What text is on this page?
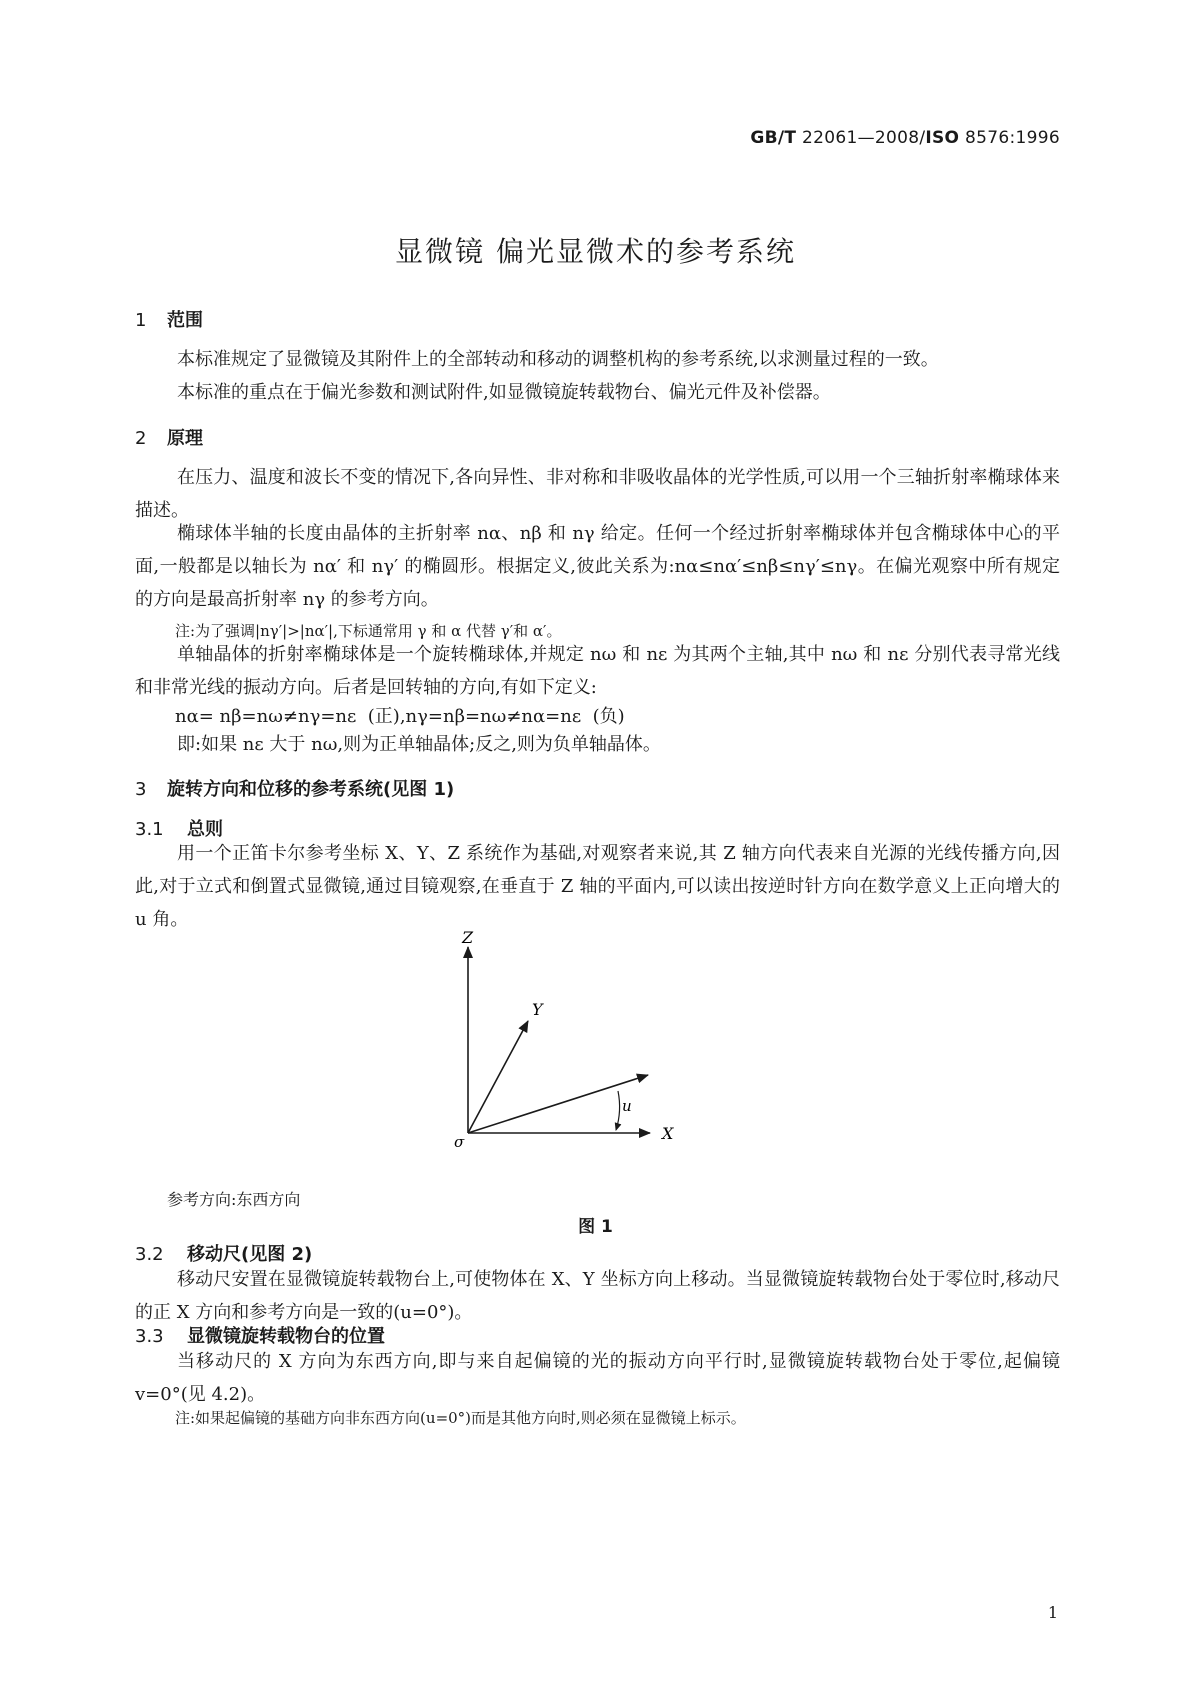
GB/T 22061—2008/ISO 8576:1996
显微镜 偏光显微术的参考系统
1 范围
本标准规定了显微镜及其附件上的全部转动和移动的调整机构的参考系统,以求测量过程的一致。
本标准的重点在于偏光参数和测试附件,如显微镜旋转载物台、偏光元件及补偿器。
2 原理
在压力、温度和波长不变的情况下,各向异性、非对称和非吸收晶体的光学性质,可以用一个三轴折射率椭球体来描述。
椭球体半轴的长度由晶体的主折射率 nα、nβ 和 nγ 给定。任何一个经过折射率椭球体并包含椭球体中心的平面,一般都是以轴长为 nα′ 和 nγ′ 的椭圆形。根据定义,彼此关系为:nα≤nα′≤nβ≤nγ′≤nγ。在偏光观察中所有规定的方向是最高折射率 nγ 的参考方向。
注:为了强调|nγ′|>|nα′|,下标通常用 γ 和 α 代替 γ′和 α′。
单轴晶体的折射率椭球体是一个旋转椭球体,并规定 nω 和 nε 为其两个主轴,其中 nω 和 nε 分别代表寻常光线和非常光线的振动方向。后者是回转轴的方向,有如下定义:
nα= nβ=nω≠nγ=nε  (正),nγ=nβ=nω≠nα=nε  (负)
即:如果 nε 大于 nω,则为正单轴晶体;反之,则为负单轴晶体。
3 旋转方向和位移的参考系统(见图 1)
3.1 总则
用一个正笛卡尔参考坐标 X、Y、Z 系统作为基础,对观察者来说,其 Z 轴方向代表来自光源的光线传播方向,因此,对于立式和倒置式显微镜,通过目镜观察,在垂直于 Z 轴的平面内,可以读出按逆时针方向在数学意义上正向增大的 u 角。
Z
Y
X
u
σ
参考方向:东西方向
图 1
3.2 移动尺(见图 2)
移动尺安置在显微镜旋转载物台上,可使物体在 X、Y 坐标方向上移动。当显微镜旋转载物台处于零位时,移动尺的正 X 方向和参考方向是一致的(u=0°)。
3.3 显微镜旋转载物台的位置
当移动尺的 X 方向为东西方向,即与来自起偏镜的光的振动方向平行时,显微镜旋转载物台处于零位,起偏镜 v=0°(见 4.2)。
注:如果起偏镜的基础方向非东西方向(u=0°)而是其他方向时,则必须在显微镜上标示。
1
